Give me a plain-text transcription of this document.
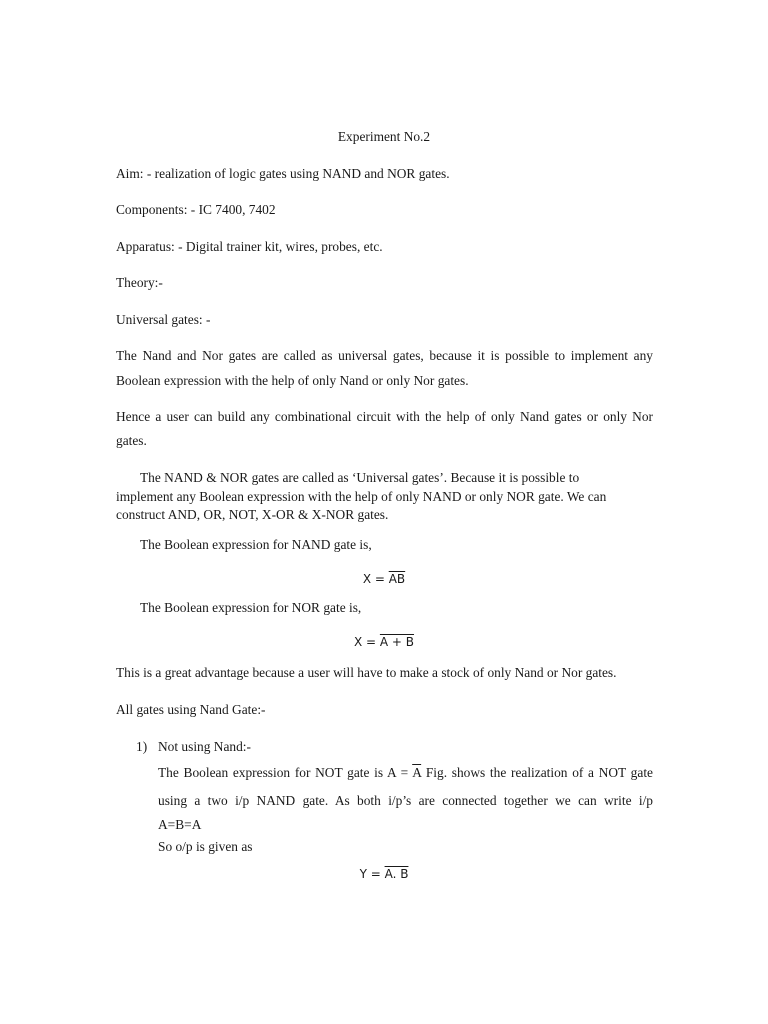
Experiment No.2
Aim: - realization of logic gates using NAND and NOR gates.
Components: - IC 7400, 7402
Apparatus: - Digital trainer kit, wires, probes, etc.
Theory:-
Universal gates: -
The Nand and Nor gates are called as universal gates, because it is possible to implement any
Boolean expression with the help of only Nand or only Nor gates.
Hence a user can build any combinational circuit with the help of only Nand gates or only Nor
gates.
The NAND & NOR gates are called as ‘Universal gates’. Because it is possible to
implement any Boolean expression with the help of only NAND or only NOR gate. We can
construct AND, OR, NOT, X-OR & X-NOR gates.
The Boolean expression for NAND gate is,
$X = \overline{AB}$
The Boolean expression for NOR gate is,
X = A + B
This is a great advantage because a user will have to make a stock of only Nand or Nor gates.
All gates using Nand Gate:-
1) Not using Nand:-
The Boolean expression for NOT gate is $A = \overline{A}$ Fig. shows the realization of a NOT gate
using a two i/p NAND gate. As both i/p’s are connected together we can write i/p
A=B=A
So o/p is given as
Y = A. B
